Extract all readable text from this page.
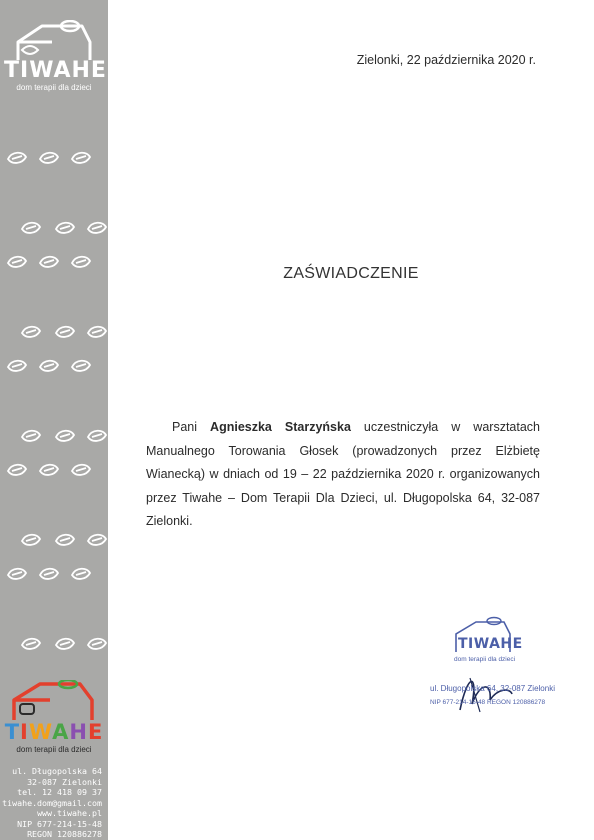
TIWAHE
dom terapii dla dzieci
TIWAHE
dom terapii dla dzieci
ul. Długopolska 64
32-087 Zielonki
tel. 12 418 09 37
tiwahe.dom@gmail.com
www.tiwahe.pl
NIP 677-214-15-48
REGON 120886278
Zielonki, 22 października 2020 r.
ZAŚWIADCZENIE
Pani Agnieszka Starzyńska uczestniczyła w warsztatach Manualnego Torowania Głosek (prowadzonych przez Elżbietę Wianecką) w dniach od 19 – 22 października 2020 r. organizowanych przez Tiwahe – Dom Terapii Dla Dzieci, ul. Długopolska 64, 32-087 Zielonki.
TIWAHE
dom terapii dla dzieci
ul. Długopolska 64, 32-087 Zielonki
NIP 677-214-15-48 REGON 120886278
